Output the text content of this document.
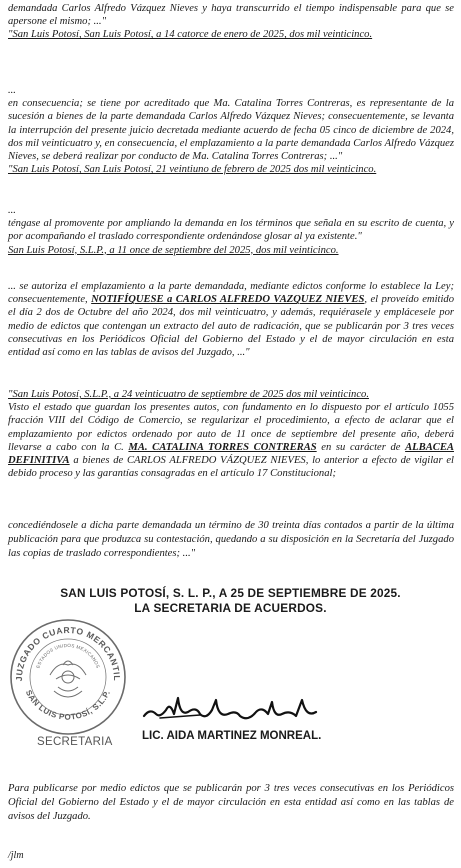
demandada Carlos Alfredo Vázquez Nieves y haya transcurrido el tiempo indispensable para que se apersone el mismo; ..."
"San Luis Potosí, San Luis Potosí, a 14 catorce de enero de 2025, dos mil veinticinco.
...
en consecuencia; se tiene por acreditado que Ma. Catalina Torres Contreras, es representante de la sucesión a bienes de la parte demandada Carlos Alfredo Vázquez Nieves; consecuentemente, se levanta la interrupción del presente juicio decretada mediante acuerdo de fecha 05 cinco de diciembre de 2024, dos mil veinticuatro y, en consecuencia, el emplazamiento a la parte demandada Carlos Alfredo Vázquez Nieves, se deberá realizar por conducto de Ma. Catalina Torres Contreras; ..."
"San Luis Potosí, San Luis Potosí, 21 veintiuno de febrero de 2025 dos mil veinticinco.
...
téngase al promovente por ampliando la demanda en los términos que señala en su escrito de cuenta, y por acompañando el traslado correspondiente ordenándose glosar al ya existente."
San Luis Potosí, S.L.P., a 11 once de septiembre del 2025, dos mil veinticinco.
... se autoriza el emplazamiento a la parte demandada, mediante edictos conforme lo establece la Ley; consecuentemente, NOTIFÍQUESE a CARLOS ALFREDO VAZQUEZ NIEVES, el proveído emitido el día 2 dos de Octubre del año 2024, dos mil veinticuatro, y además, requiérasele y emplácesele por medio de edictos que contengan un extracto del auto de radicación, que se publicarán por 3 tres veces consecutivas en los Periódicos Oficial del Gobierno del Estado y el de mayor circulación en esta entidad así como en las tablas de avisos del Juzgado, ..."
"San Luis Potosí, S.L.P., a 24 veinticuatro de septiembre de 2025 dos mil veinticinco.
Visto el estado que guardan los presentes autos, con fundamento en lo dispuesto por el artículo 1055 fracción VIII del Código de Comercio, se regularizar el procedimiento, a efecto de aclarar que el emplazamiento por edictos ordenado por auto de 11 once de septiembre del presente año, deberá llevarse a cabo con la C. MA. CATALINA TORRES CONTRERAS en su carácter de ALBACEA DEFINITIVA a bienes de CARLOS ALFREDO VÁZQUEZ NIEVES, lo anterior a efecto de vigilar el debido proceso y las garantías consagradas en el artículo 17 Constitucional;
concediéndosele a dicha parte demandada un término de 30 treinta días contados a partir de la última publicación para que produzca su contestación, quedando a su disposición en la Secretaría del Juzgado las copias de traslado correspondientes; ..."
SAN LUIS POTOSÍ, S. L. P., A 25 DE SEPTIEMBRE DE 2025.
LA SECRETARIA DE ACUERDOS.
JUZGADO CUARTO MERCANTIL
ESTADOS UNIDOS MEXICANOS
SAN LUIS POTOSÍ, S.L.P.
SECRETARIA	LIC. AIDA MARTINEZ MONREAL.
Para publicarse por medio edictos que se publicarán por 3 tres veces consecutivas en los Periódicos Oficial del Gobierno del Estado y el de mayor circulación en esta entidad así como en las tablas de avisos del Juzgado.
/jlm
